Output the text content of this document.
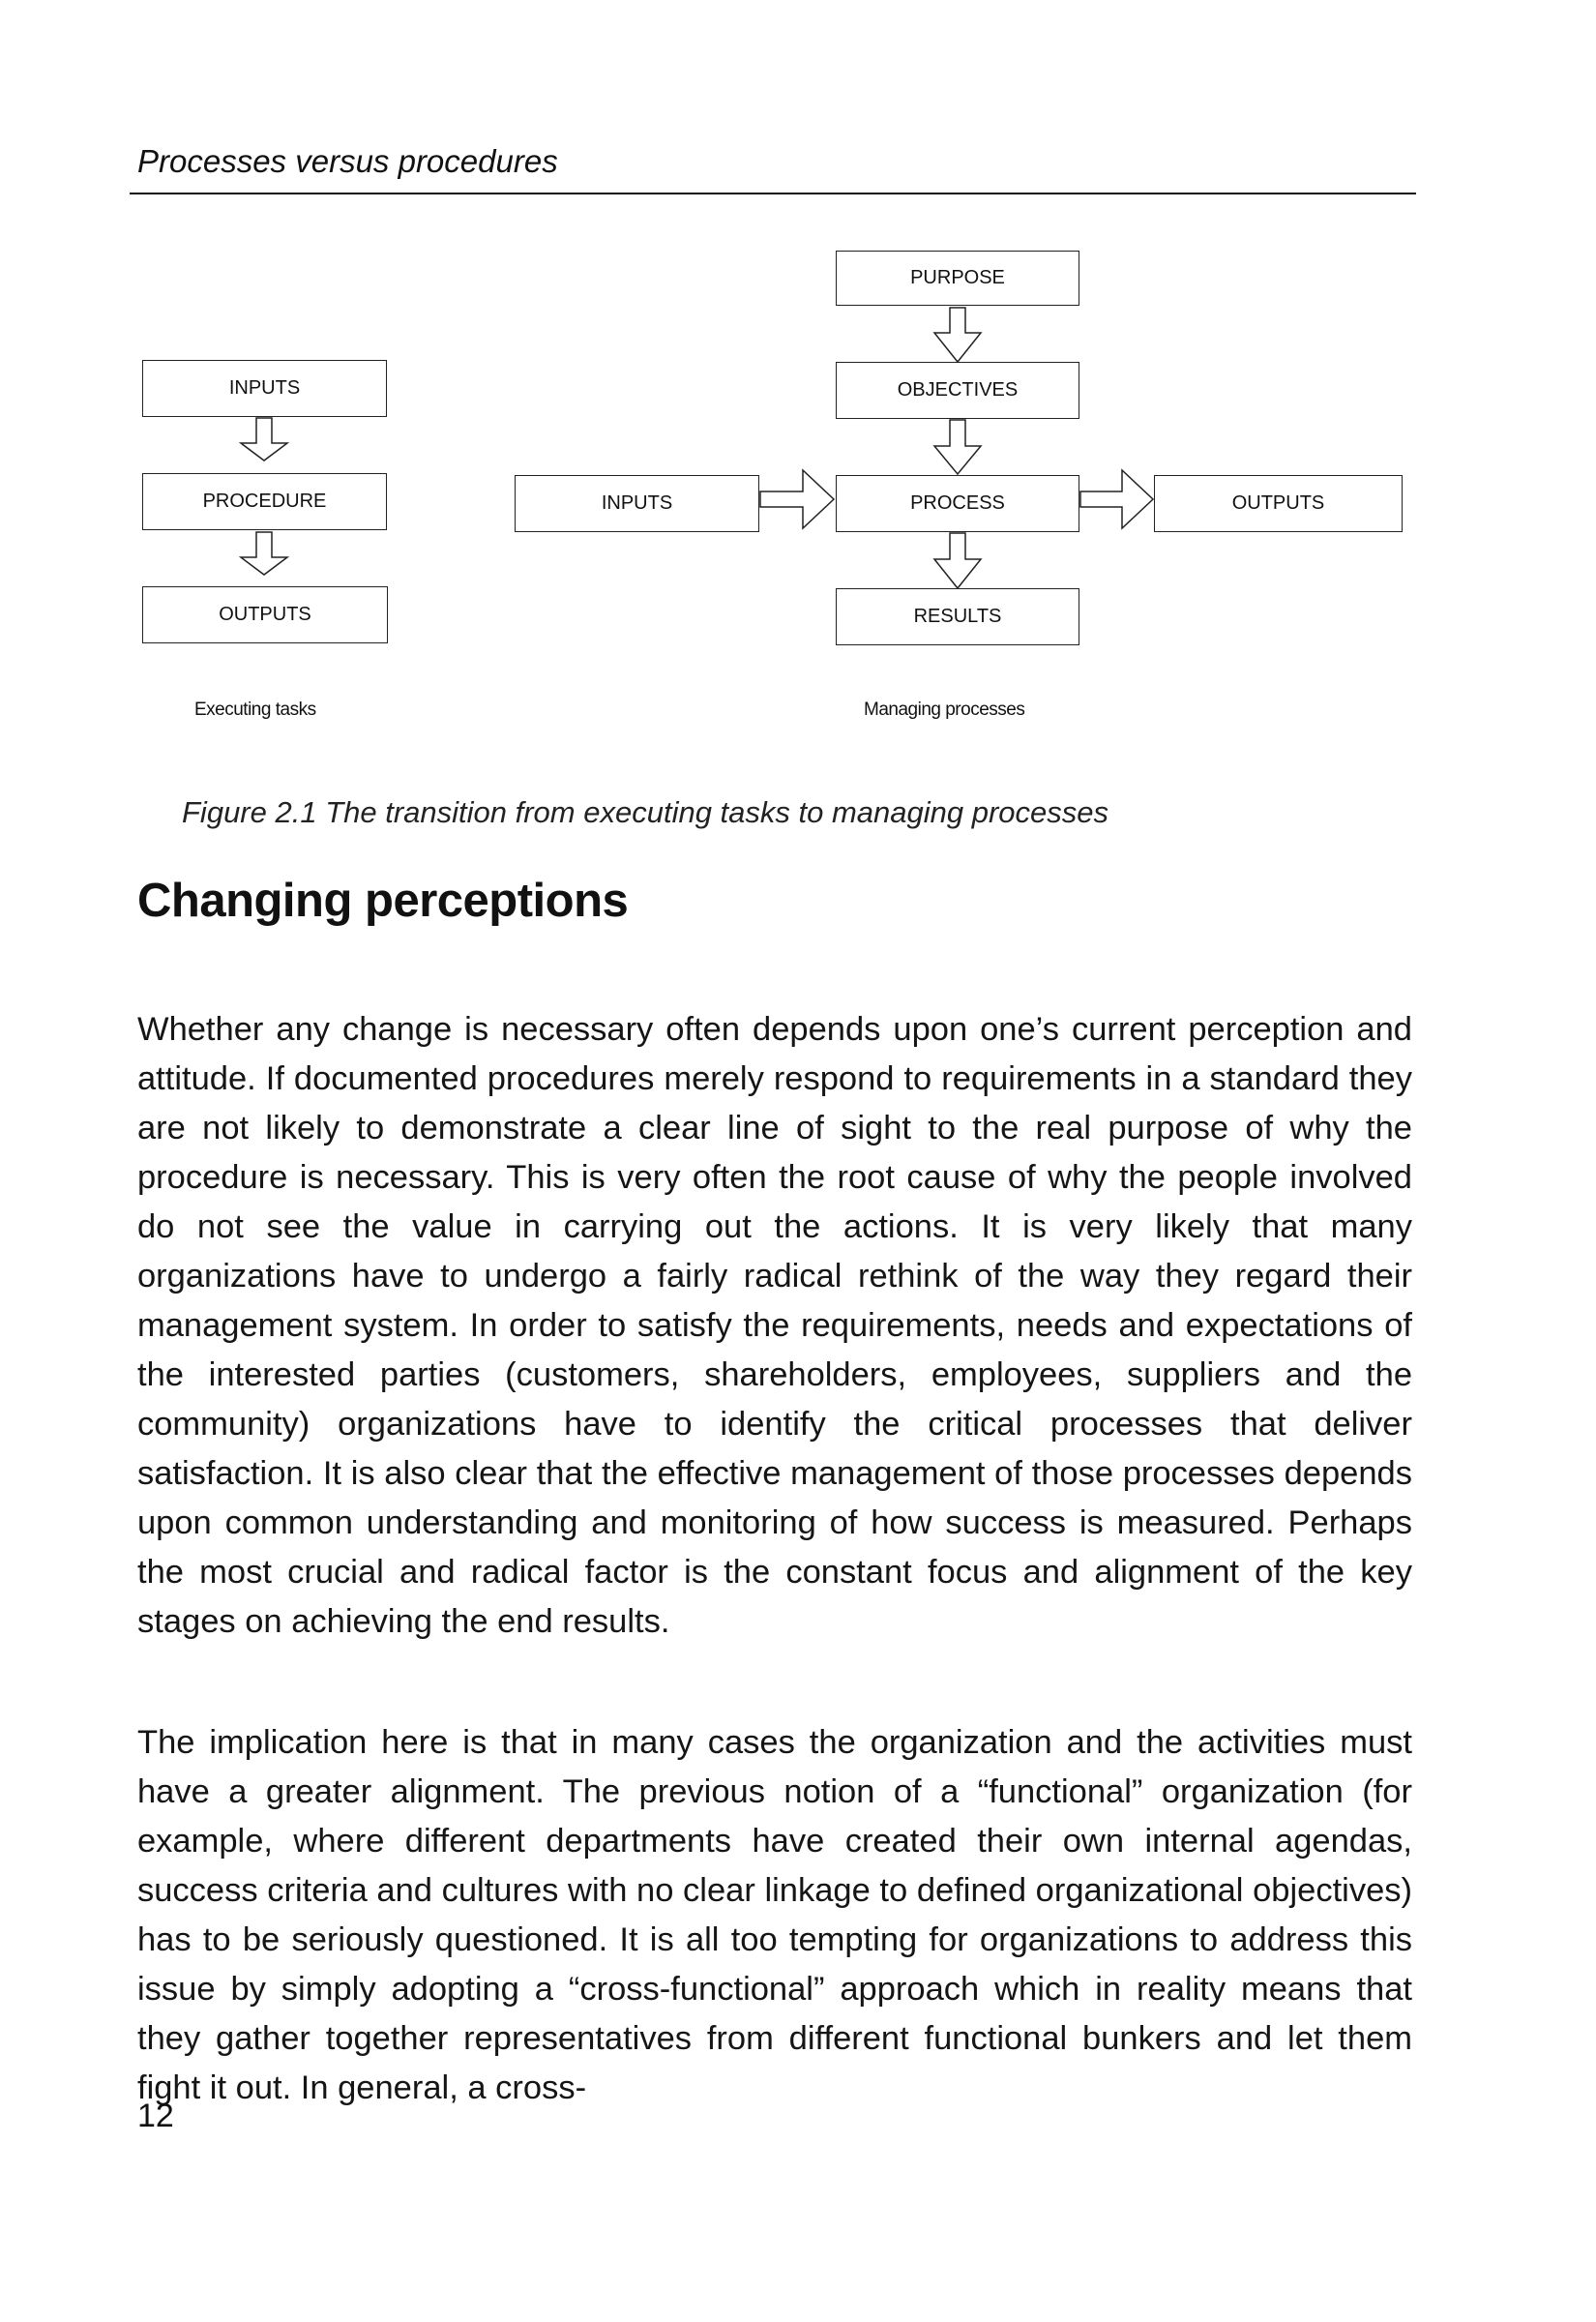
Processes versus procedures
INPUTS
PROCEDURE
OUTPUTS
Executing tasks
PURPOSE
OBJECTIVES
INPUTS	PROCESS	OUTPUTS
RESULTS
Managing processes
Figure 2.1 The transition from executing tasks to managing processes
Changing perceptions

Whether any change is necessary often depends upon one’s current perception and attitude. If documented procedures merely respond to requirements in a standard they are not likely to demonstrate a clear line of sight to the real purpose of why the procedure is necessary. This is very often the root cause of why the people involved do not see the value in carrying out the actions. It is very likely that many organizations have to undergo a fairly radical rethink of the way they regard their management system. In order to satisfy the requirements, needs and expectations of the interested parties (customers, shareholders, employees, suppliers and the community) organizations have to identify the critical processes that deliver satisfaction. It is also clear that the effective management of those processes depends upon common understanding and monitoring of how success is measured. Perhaps the most crucial and radical factor is the constant focus and alignment of the key stages on achieving the end results.

The implication here is that in many cases the organization and the activities must have a greater alignment. The previous notion of a “functional” organization (for example, where different departments have created their own internal agendas, success criteria and cultures with no clear linkage to defined organizational objectives) has to be seriously questioned. It is all too tempting for organizations to address this issue by simply adopting a “cross-functional” approach which in reality means that they gather together representatives from different functional bunkers and let them fight it out. In general, a cross-

12
